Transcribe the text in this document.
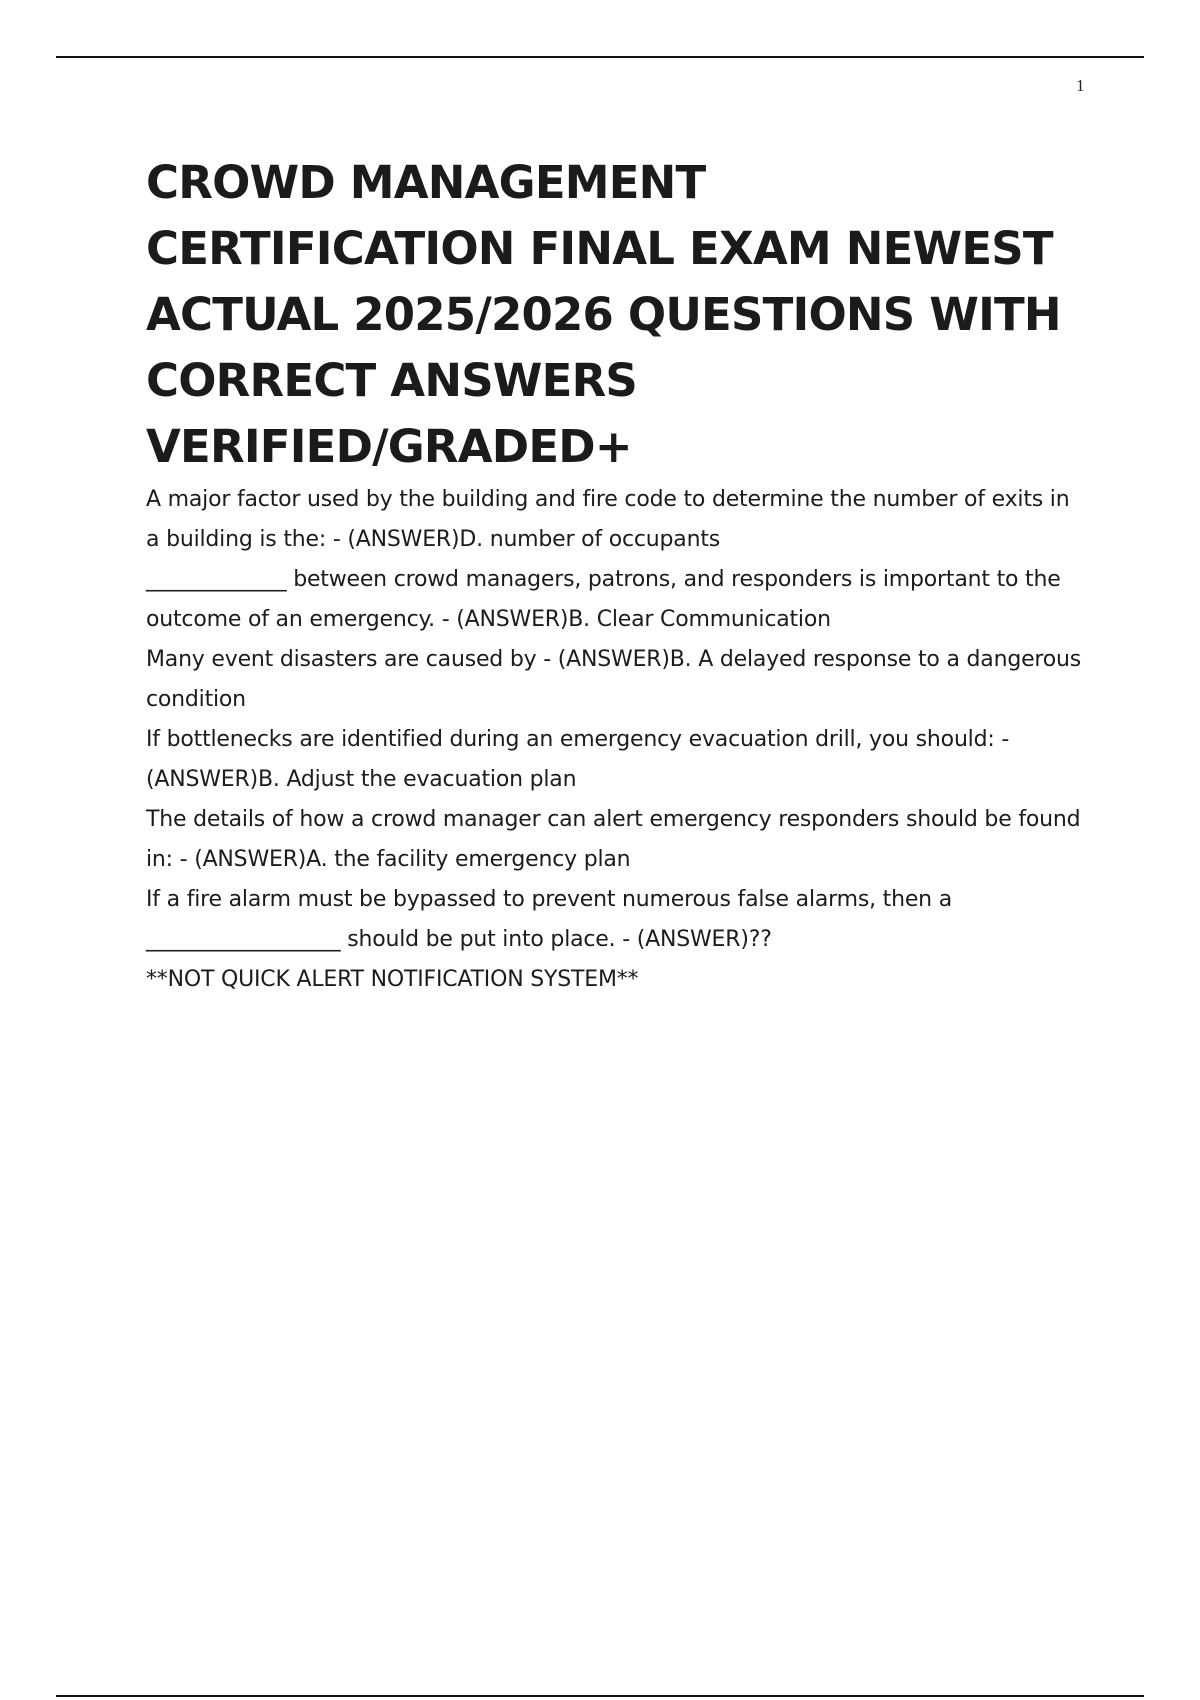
1
CROWD MANAGEMENT CERTIFICATION FINAL EXAM NEWEST ACTUAL 2025/2026 QUESTIONS WITH CORRECT ANSWERS VERIFIED/GRADED+

A major factor used by the building and fire code to determine the number of exits in a building is the: - (ANSWER)D. number of occupants

_____________ between crowd managers, patrons, and responders is important to the outcome of an emergency. - (ANSWER)B. Clear Communication

Many event disasters are caused by - (ANSWER)B. A delayed response to a dangerous condition

If bottlenecks are identified during an emergency evacuation drill, you should: - (ANSWER)B. Adjust the evacuation plan

The details of how a crowd manager can alert emergency responders should be found in: - (ANSWER)A. the facility emergency plan

If a fire alarm must be bypassed to prevent numerous false alarms, then a __________________ should be put into place. - (ANSWER)??

**NOT QUICK ALERT NOTIFICATION SYSTEM**
